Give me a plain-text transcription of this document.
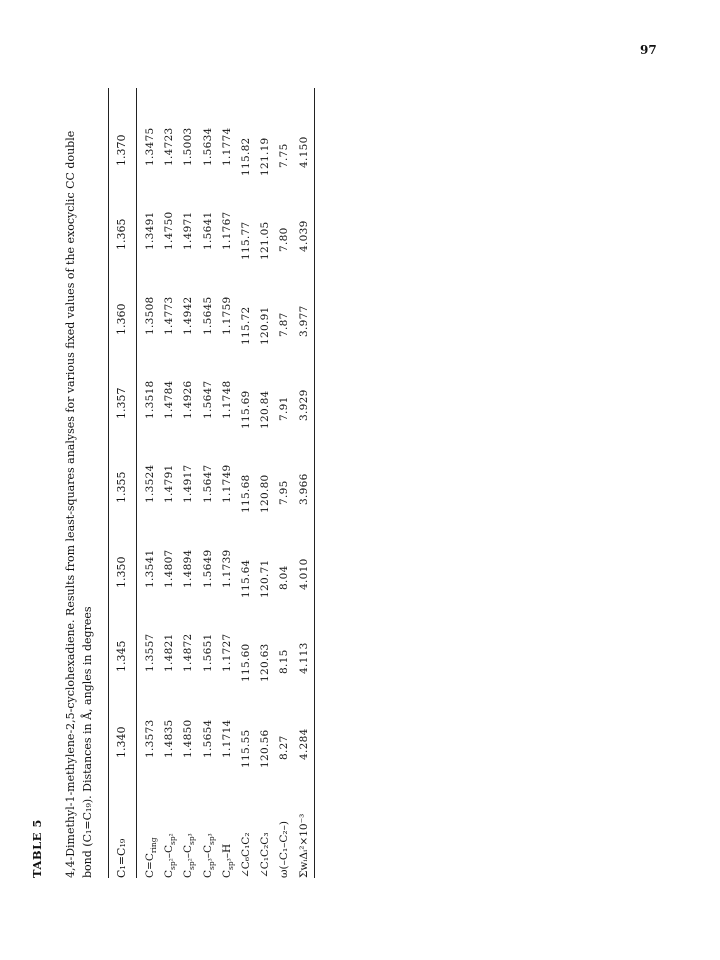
97
TABLE 5 4,4-Dimethyl-1-methylene-2,5-cyclohexadiene. Results from least-squares analyses for various fixed values of the exocyclic CC double bond (C₁=C₁₉). Distances in Å, angles in degrees C₁=C₁₉
1.340
1.345
1.350
1.355
1.357
1.360
1.365
1.370
$C=C_{ring}$
1.3573
1.3557
1.3541
1.3524
1.3518
1.3508
1.3491
1.3475
$C_{sp^2}-C_{sp^2}$
1.4835
1.4821
1.4807
1.4791
1.4784
1.4773
1.4750
1.4723
$C_{sp^2}-C_{sp^3}$
1.4850
1.4872
1.4894
1.4917
1.4926
1.4942
1.4971
1.5003
$C_{sp^3}-C_{sp^3}$
1.5654
1.5651
1.5649
1.5647
1.5647
1.5645
1.5641
1.5634
$C_{sp^3}-H$
1.1714
1.1727
1.1739
1.1749
1.1748
1.1759
1.1767
1.1774
∠C₆C₁C₂
115.55
115.60
115.64
115.68
115.69
115.72
115.77
115.82
∠C₁C₂C₃
120.56
120.63
120.71
120.80
120.84
120.91
121.05
121.19
ω(–C₁–C₂–)
8.27
8.15
8.04
7.95
7.91
7.87
7.80
7.75
ΣwᵢΔᵢ²×10⁻³
4.284
4.113
4.010
3.966
3.929
3.977
4.039
4.150
